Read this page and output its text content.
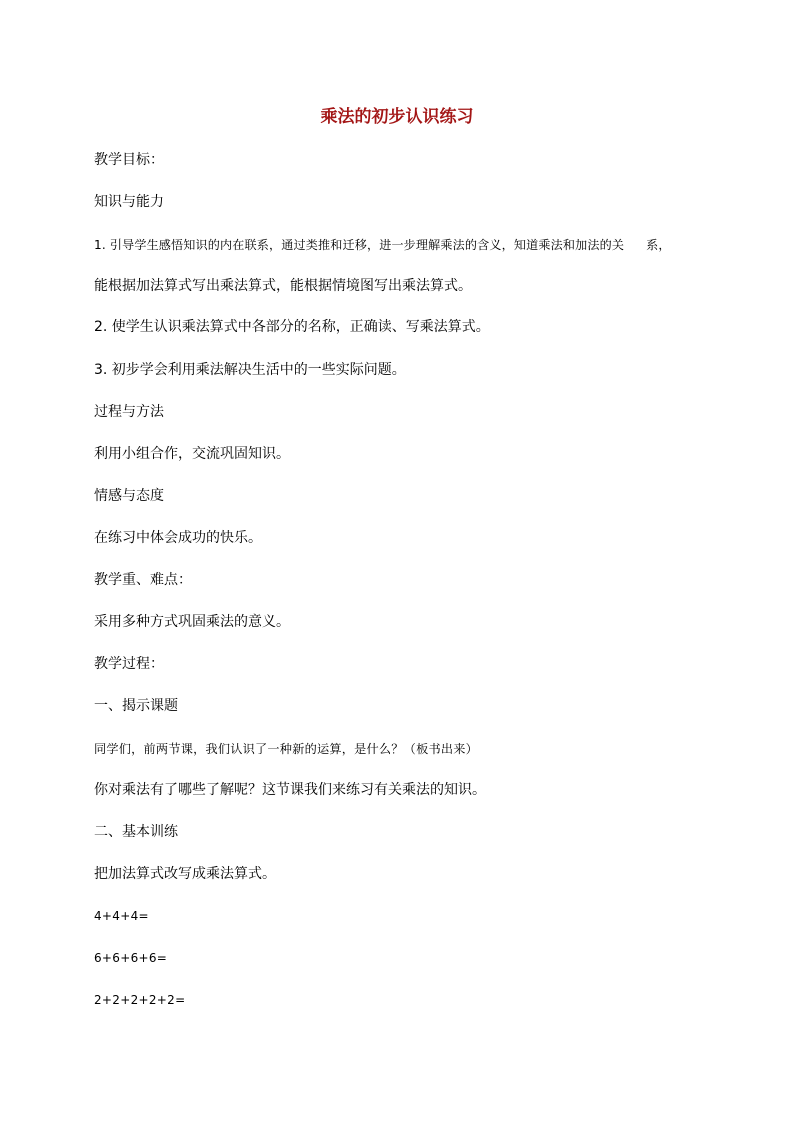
乘法的初步认识练习
教学目标：
知识与能力
1. 引导学生感悟知识的内在联系，通过类推和迁移，进一步理解乘法的含义，知道乘法和加法的关 系，
能根据加法算式写出乘法算式，能根据情境图写出乘法算式。
2. 使学生认识乘法算式中各部分的名称，正确读、写乘法算式。
3. 初步学会利用乘法解决生活中的一些实际问题。
过程与方法
利用小组合作，交流巩固知识。
情感与态度
在练习中体会成功的快乐。
教学重、难点：
采用多种方式巩固乘法的意义。
教学过程：
一、揭示课题
同学们，前两节课，我们认识了一种新的运算，是什么？（板书出来）
你对乘法有了哪些了解呢？这节课我们来练习有关乘法的知识。
二、基本训练
把加法算式改写成乘法算式。
4+4+4=
6+6+6+6=
2+2+2+2+2=
